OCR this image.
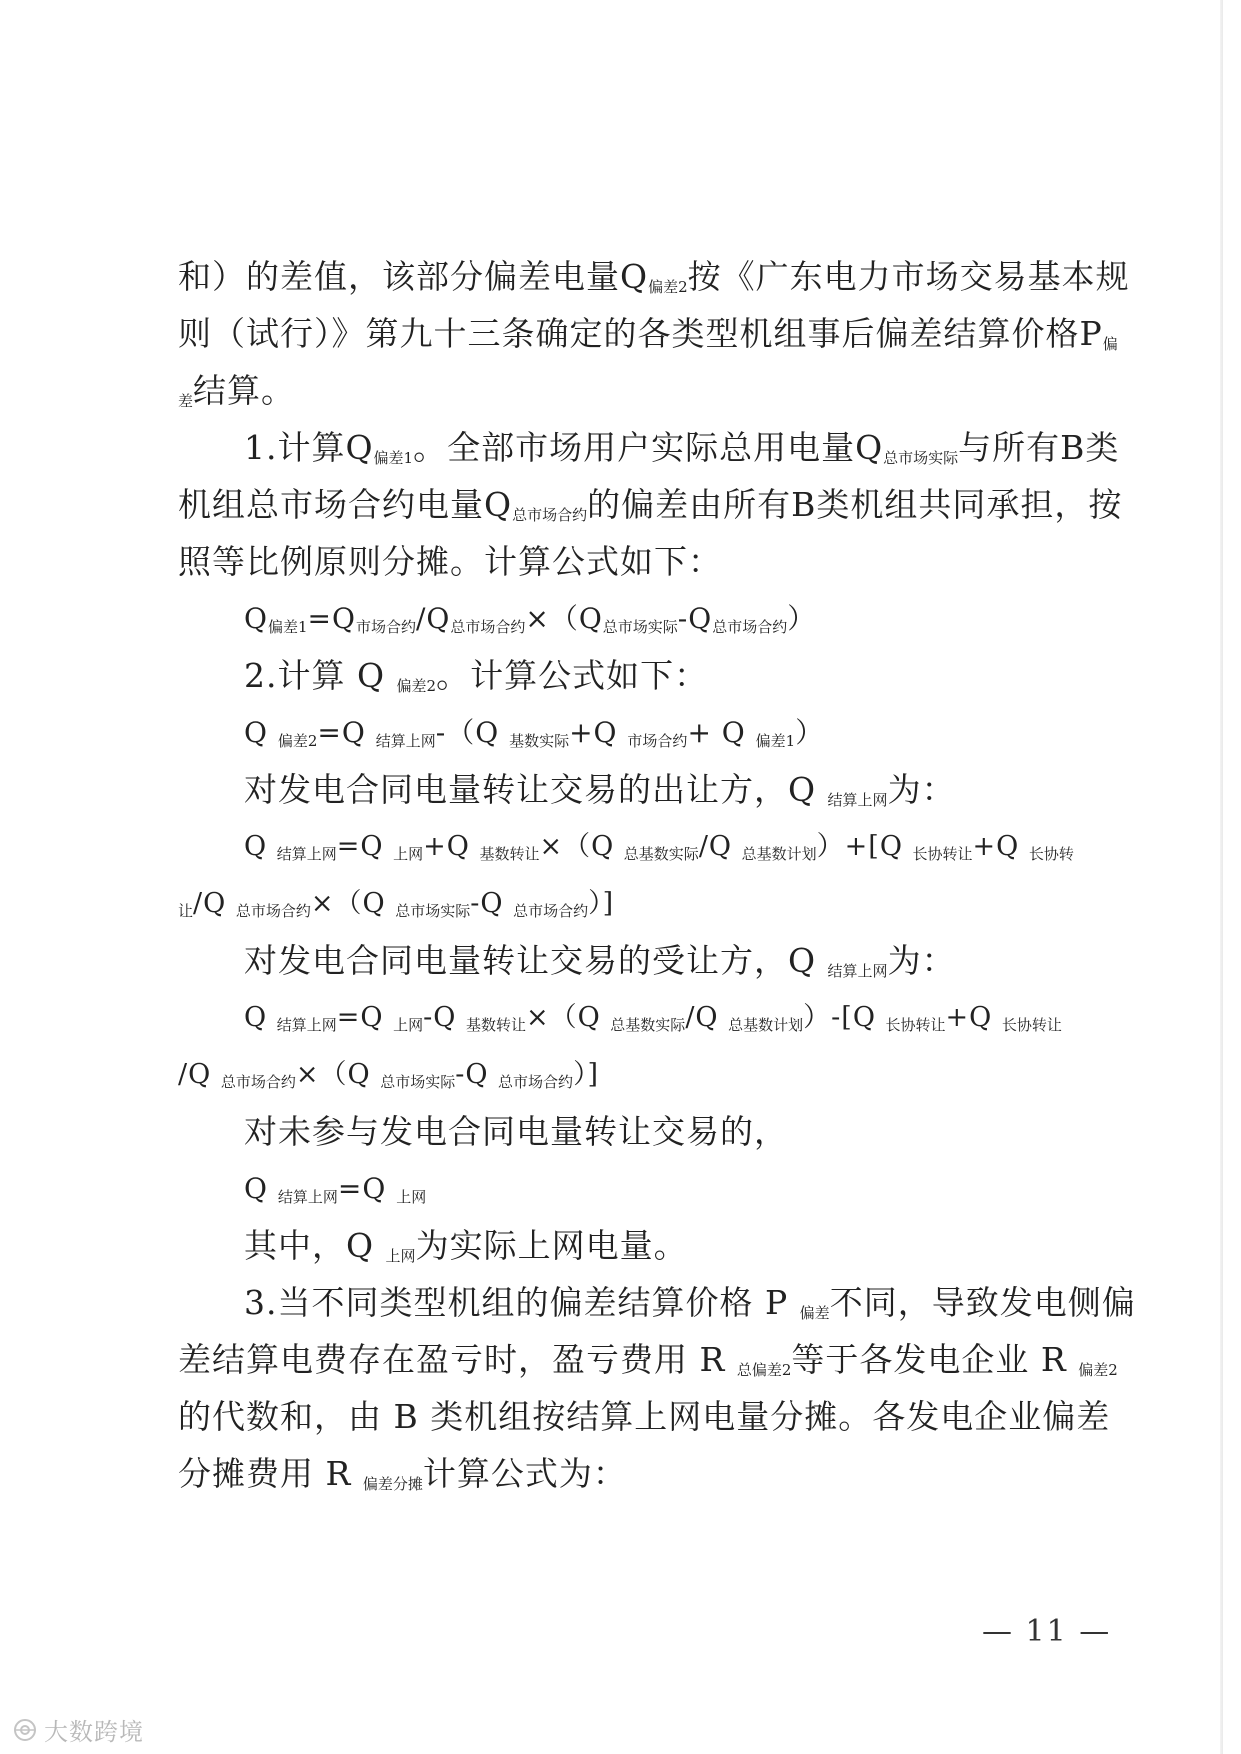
和）的差值，该部分偏差电量$Q_{偏差2}$按《广东电力市场交易基本规
则（试行）》第九十三条确定的各类型机组事后偏差结算价格$P_偏$
$_差$结算。
1.计算$Q_{偏差1}$。全部市场用户实际总用电量$Q_{总市场实际}$与所有B类
机组总市场合约电量$Q_{总市场合约}$的偏差由所有B类机组共同承担，按
照等比例原则分摊。计算公式如下：
$Q_{偏差1}=Q_{市场合约}/Q_{总市场合约}\times(Q_{总市场实际}-Q_{总市场合约})$
2.计算 Q $_{偏差2}$。计算公式如下：
Q $_{偏差2}$=Q $_{结算上网}$-（Q $_{基数实际}$+Q $_{市场合约}$+ Q $_{偏差1}$）
对发电合同电量转让交易的出让方，Q $_{结算上网}$为：
Q $_{结算上网}$=Q $_{上网}$+Q $_{基数转让}$×（Q $_{总基数实际}$/Q $_{总基数计划}$）+[Q $_{长协转让}$+Q $_{长协转}$
$_让$/Q $_{总市场合约}$×（Q $_{总市场实际}$-Q $_{总市场合约}$）]
对发电合同电量转让交易的受让方，Q $_{结算上网}$为：
Q $_{结算上网}$=Q $_{上网}$-Q $_{基数转让}$×（Q $_{总基数实际}$/Q $_{总基数计划}$）-[Q $_{长协转让}$+Q $_{长协转让}$
/Q $_{总市场合约}$×（Q $_{总市场实际}$-Q $_{总市场合约}$）]
对未参与发电合同电量转让交易的，
Q $_{结算上网}$=Q $_{上网}$
其中，Q $_{上网}$为实际上网电量。
3.当不同类型机组的偏差结算价格 P $_{偏差}$不同，导致发电侧偏
差结算电费存在盈亏时，盈亏费用 R $_{总偏差2}$等于各发电企业 R $_{偏差2}$
的代数和，由 B 类机组按结算上网电量分摊。各发电企业偏差
分摊费用 R $_{偏差分摊}$计算公式为：
— 11 —
大数跨境
